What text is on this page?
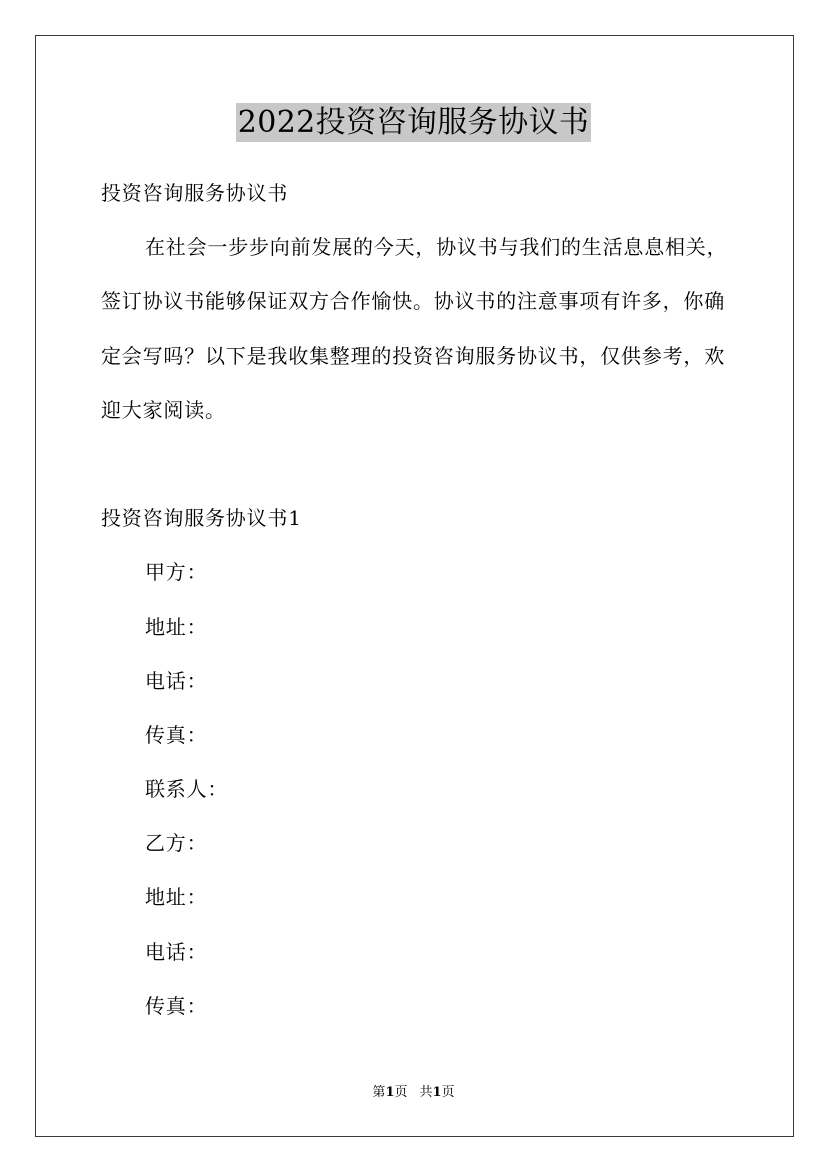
2022投资咨询服务协议书
投资咨询服务协议书
在社会一步步向前发展的今天，协议书与我们的生活息息相关，
签订协议书能够保证双方合作愉快。协议书的注意事项有许多，你确
定会写吗？以下是我收集整理的投资咨询服务协议书，仅供参考，欢
迎大家阅读。
投资咨询服务协议书1
甲方：
地址：
电话：
传真：
联系人：
乙方：
地址：
电话：
传真：
第1页 共1页
